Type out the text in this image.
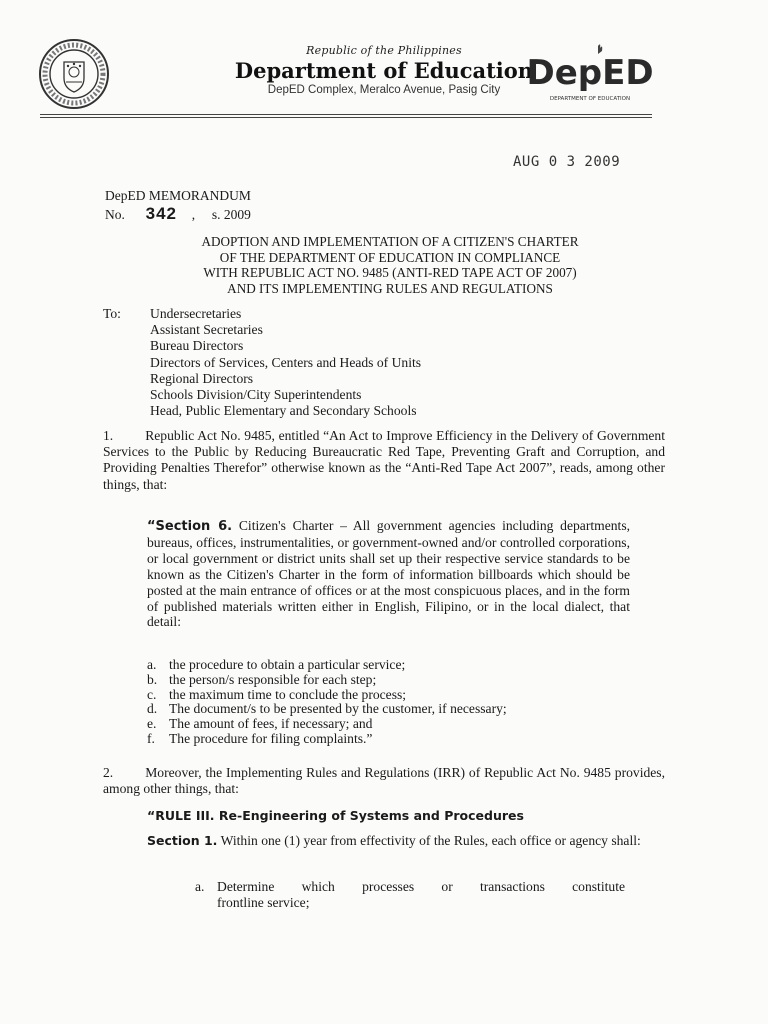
Republic of the Philippines
Department of Education
DepED Complex, Meralco Avenue, Pasig City DepED
DEPARTMENT OF EDUCATION
AUG 0 3 2009
DepED MEMORANDUM
No. 342 , s. 2009
ADOPTION AND IMPLEMENTATION OF A CITIZEN'S CHARTER
OF THE DEPARTMENT OF EDUCATION IN COMPLIANCE
WITH REPUBLIC ACT NO. 9485 (ANTI-RED TAPE ACT OF 2007)
AND ITS IMPLEMENTING RULES AND REGULATIONS
To: Undersecretaries
Assistant Secretaries
Bureau Directors
Directors of Services, Centers and Heads of Units
Regional Directors
Schools Division/City Superintendents
Head, Public Elementary and Secondary Schools
1. Republic Act No. 9485, entitled “An Act to Improve Efficiency in the Delivery of Government Services to the Public by Reducing Bureaucratic Red Tape, Preventing Graft and Corruption, and Providing Penalties Therefor” otherwise known as the “Anti-Red Tape Act 2007”, reads, among other things, that:
“Section 6. Citizen's Charter – All government agencies including departments, bureaus, offices, instrumentalities, or government-owned and/or controlled corporations, or local government or district units shall set up their respective service standards to be known as the Citizen's Charter in the form of information billboards which should be posted at the main entrance of offices or at the most conspicuous places, and in the form of published materials written either in English, Filipino, or in the local dialect, that detail:
a. the procedure to obtain a particular service;
b. the person/s responsible for each step;
c. the maximum time to conclude the process;
d. The document/s to be presented by the customer, if necessary;
e. The amount of fees, if necessary; and
f.	The procedure for filing complaints.”
2. Moreover, the Implementing Rules and Regulations (IRR) of Republic Act No. 9485 provides, among other things, that:
“RULE III. Re-Engineering of Systems and Procedures
Section 1. Within one (1) year from effectivity of the Rules, each office or agency shall:
a. Determine which processes or transactions constitute
frontline service;
